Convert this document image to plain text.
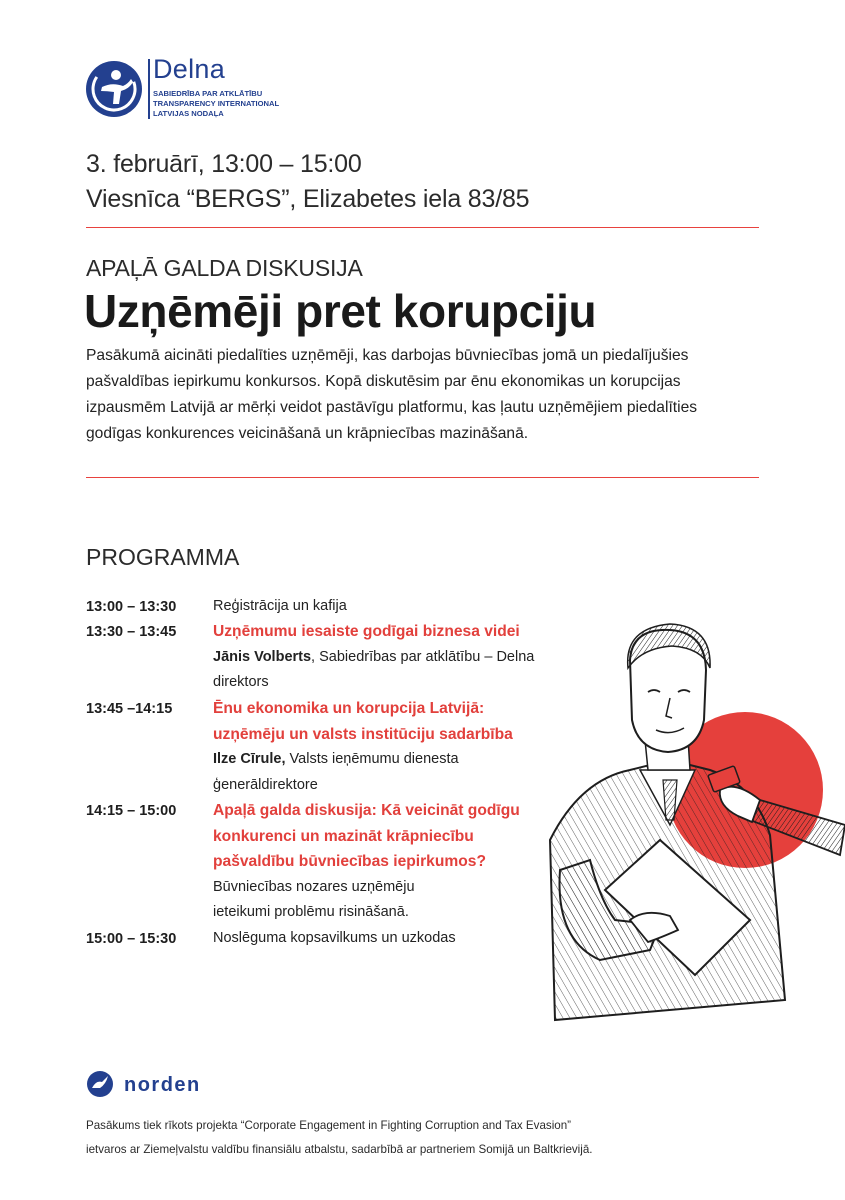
Delna
SABIEDRĪBA PAR ATKLĀTĪBU
TRANSPARENCY INTERNATIONAL
LATVIJAS NODAĻA
3. februārī, 13:00 – 15:00
Viesnīca “BERGS”, Elizabetes iela 83/85
APAĻĀ GALDA DISKUSIJA
Uzņēmēji pret korupciju
Pasākumā aicināti piedalīties uzņēmēji, kas darbojas būvniecības jomā un piedalījušies
pašvaldības iepirkumu konkursos. Kopā diskutēsim par ēnu ekonomikas un korupcijas
izpausmēm Latvijā ar mērķi veidot pastāvīgu platformu, kas ļautu uzņēmējiem piedalīties
godīgas konkurences veicināšanā un krāpniecības mazināšanā.
PROGRAMMA
13:00 – 13:30	Reģistrācija un kafija
13:30 – 13:45	Uzņēmumu iesaiste godīgai biznesa videi
Jānis Volberts, Sabiedrības par atklātību – Delna
direktors
13:45 –14:15	Ēnu ekonomika un korupcija Latvijā:
uzņēmēju un valsts institūciju sadarbība
Ilze Cīrule, Valsts ieņēmumu dienesta
ģenerāldirektore
14:15 – 15:00	Apaļā galda diskusija: Kā veicināt godīgu
konkurenci un mazināt krāpniecību
pašvaldību būvniecības iepirkumos?
Būvniecības nozares uzņēmēju
ieteikumi problēmu risināšanā.
15:00 – 15:30	Noslēguma kopsavilkums un uzkodas
norden
Pasākums tiek rīkots projekta “Corporate Engagement in Fighting Corruption and Tax Evasion”
ietvaros ar Ziemeļvalstu valdību finansiālu atbalstu, sadarbībā ar partneriem Somijā un Baltkrievijā.
